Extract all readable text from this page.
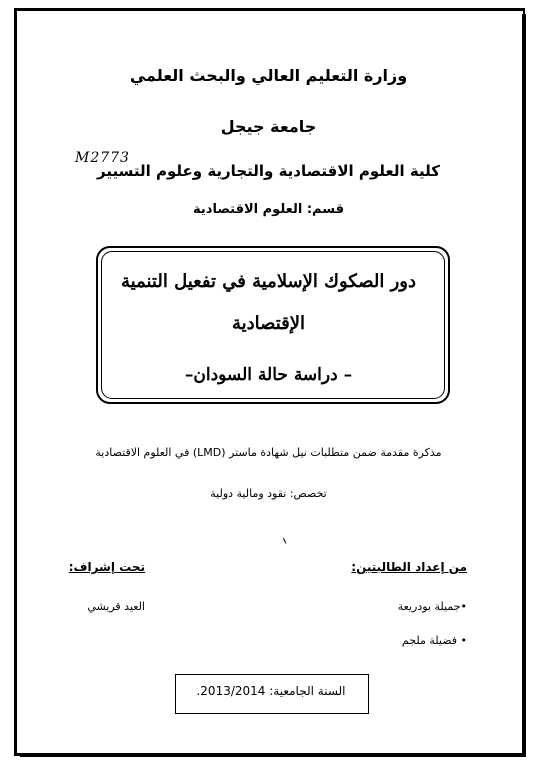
وزارة التعليم العالي والبحث العلمي
جامعة جيجل
كلية العلوم الاقتصادية والتجارية وعلوم التسيير
M2773
قسم: العلوم الاقتصادية
دور الصكوك الإسلامية في تفعيل التنمية
الإقتصادية
– دراسة حالة السودان–
مذكرة مقدمة ضمن متطلبات نيل شهادة ماستر (LMD) في العلوم الاقتصادية
تخصص: نقود ومالية دولية
من إعداد الطالبتين:
تحت إشراف:
•جميلة بودريعة
• فضيلة ملجم
العيد قريشي
السنة الجامعية: 2013/2014.
